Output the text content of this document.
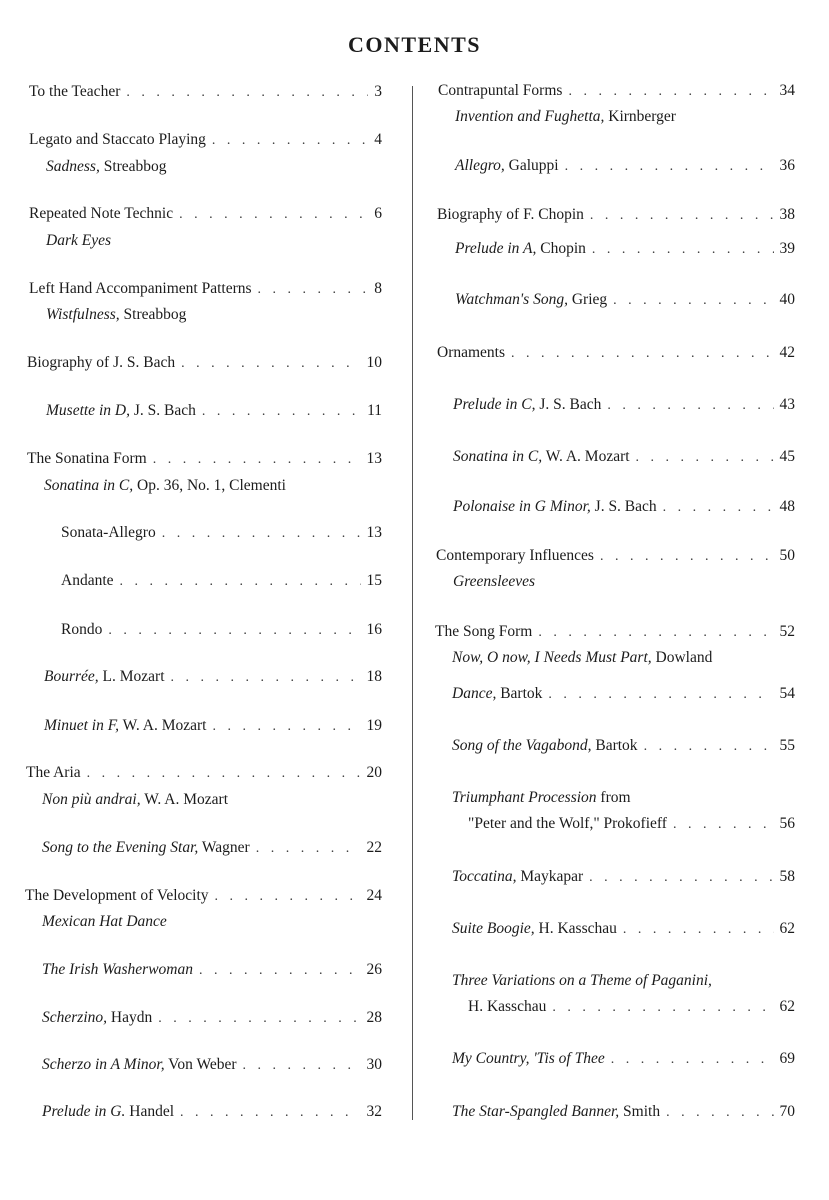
CONTENTS
To the Teacher . . .	3
Legato and Staccato Playing . . .	4
Sadness, Streabbog
Repeated Note Technic . . .	6
Dark Eyes
Left Hand Accompaniment Patterns . . .	8
Wistfulness, Streabbog
Biography of J. S. Bach . . .	10
Musette in D, J. S. Bach . . .	11
The Sonatina Form . . .	13
Sonatina in C, Op. 36, No. 1, Clementi
Sonata-Allegro . . .	13
Andante . . .	15
Rondo . . .	16
Bourrée, L. Mozart . . .	18
Minuet in F, W. A. Mozart . . .	19
The Aria . . .	20
Non più andrai, W. A. Mozart
Song to the Evening Star, Wagner . . .	22
The Development of Velocity . . .	24
Mexican Hat Dance
The Irish Washerwoman . . .	26
Scherzino, Haydn . . .	28
Scherzo in A Minor, Von Weber . . .	30
Prelude in G. Handel . . .	32
Contrapuntal Forms . . .	34
Invention and Fughetta, Kirnberger
Allegro, Galuppi . . .	36
Biography of F. Chopin . . .	38
Prelude in A, Chopin . . .	39
Watchman's Song, Grieg . . .	40
Ornaments . . .	42
Prelude in C, J. S. Bach . . .	43
Sonatina in C, W. A. Mozart . . .	45
Polonaise in G Minor, J. S. Bach . . .	48
Contemporary Influences . . .	50
Greensleeves
The Song Form . . .	52
Now, O now, I Needs Must Part, Dowland
Dance, Bartok . . .	54
Song of the Vagabond, Bartok . . .	55
Triumphant Procession from
"Peter and the Wolf," Prokofieff . . .	56
Toccatina, Maykapar . . .	58
Suite Boogie, H. Kasschau . . .	62
Three Variations on a Theme of Paganini,
H. Kasschau . . .	62
My Country, 'Tis of Thee . . .	69
The Star-Spangled Banner, Smith . . .	70
